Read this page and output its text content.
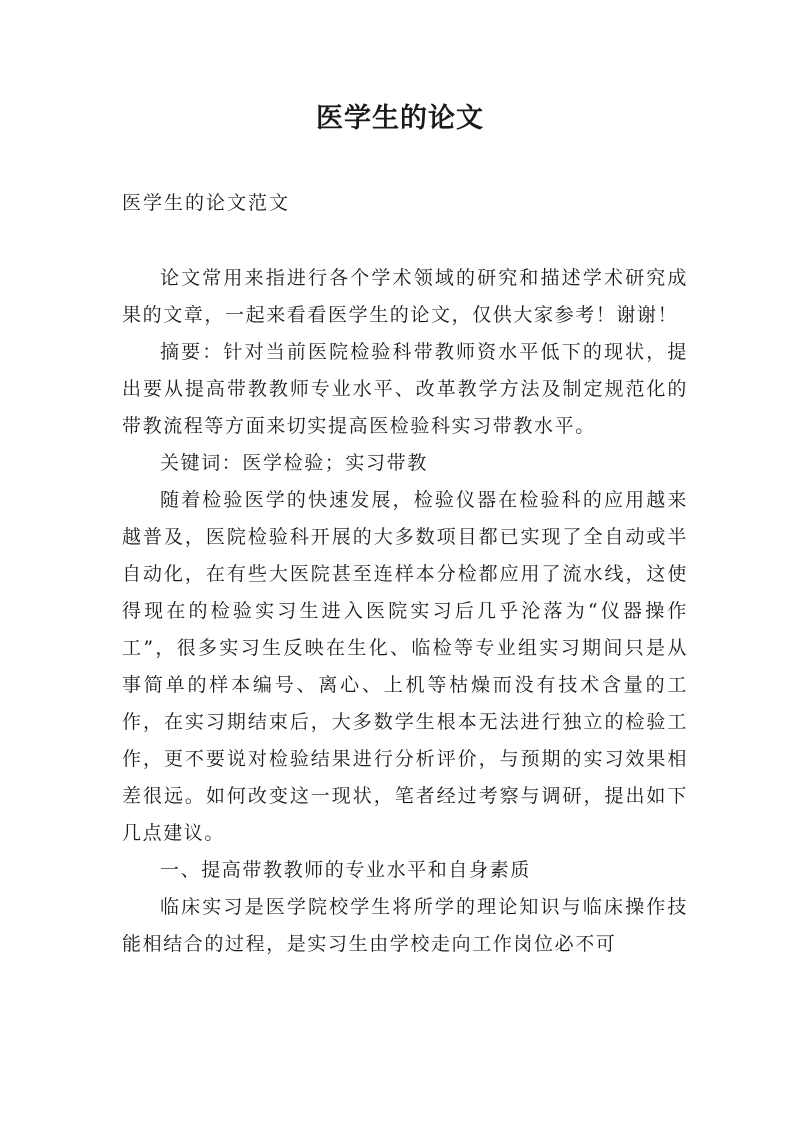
医学生的论文

医学生的论文范文

论文常用来指进行各个学术领域的研究和描述学术研究成果的文章，一起来看看医学生的论文，仅供大家参考！谢谢！

摘要：针对当前医院检验科带教师资水平低下的现状，提出要从提高带教教师专业水平、改革教学方法及制定规范化的带教流程等方面来切实提高医检验科实习带教水平。

关键词：医学检验；实习带教

随着检验医学的快速发展，检验仪器在检验科的应用越来越普及，医院检验科开展的大多数项目都已实现了全自动或半自动化，在有些大医院甚至连样本分检都应用了流水线，这使得现在的检验实习生进入医院实习后几乎沦落为“仪器操作工”，很多实习生反映在生化、临检等专业组实习期间只是从事简单的样本编号、离心、上机等枯燥而没有技术含量的工作，在实习期结束后，大多数学生根本无法进行独立的检验工作，更不要说对检验结果进行分析评价，与预期的实习效果相差很远。如何改变这一现状，笔者经过考察与调研，提出如下几点建议。

一、提高带教教师的专业水平和自身素质

临床实习是医学院校学生将所学的理论知识与临床操作技能相结合的过程，是实习生由学校走向工作岗位必不可
